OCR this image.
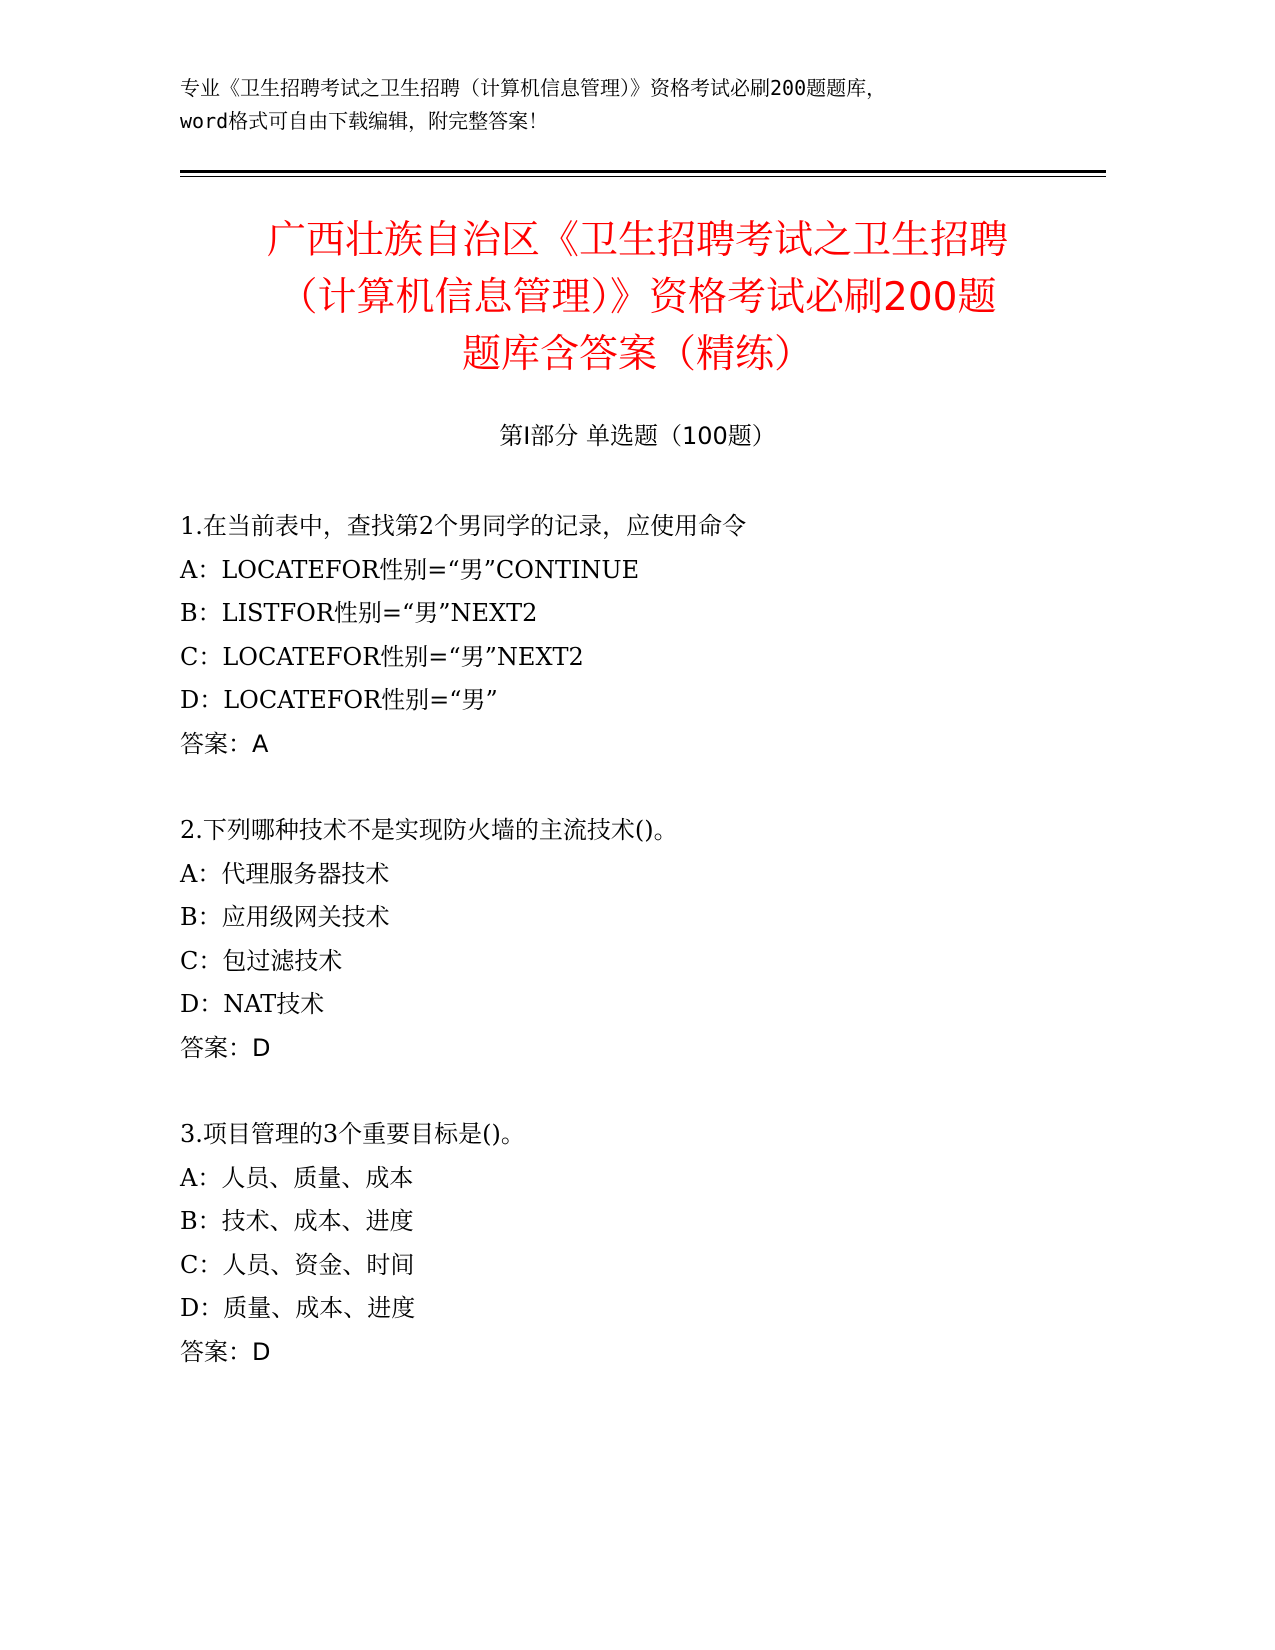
专业《卫生招聘考试之卫生招聘（计算机信息管理）》资格考试必刷200题题库，
word格式可自由下载编辑，附完整答案！
广西壮族自治区《卫生招聘考试之卫生招聘
（计算机信息管理）》资格考试必刷200题
题库含答案（精练）
第Ⅰ部分 单选题（100题）
1.在当前表中，查找第2个男同学的记录，应使用命令
A：LOCATEFOR性别=“男”CONTINUE
B：LISTFOR性别=“男”NEXT2
C：LOCATEFOR性别=“男”NEXT2
D：LOCATEFOR性别=“男”
答案：A
2.下列哪种技术不是实现防火墙的主流技术()。
A：代理服务器技术
B：应用级网关技术
C：包过滤技术
D：NAT技术
答案：D
3.项目管理的3个重要目标是()。
A：人员、质量、成本
B：技术、成本、进度
C：人员、资金、时间
D：质量、成本、进度
答案：D
